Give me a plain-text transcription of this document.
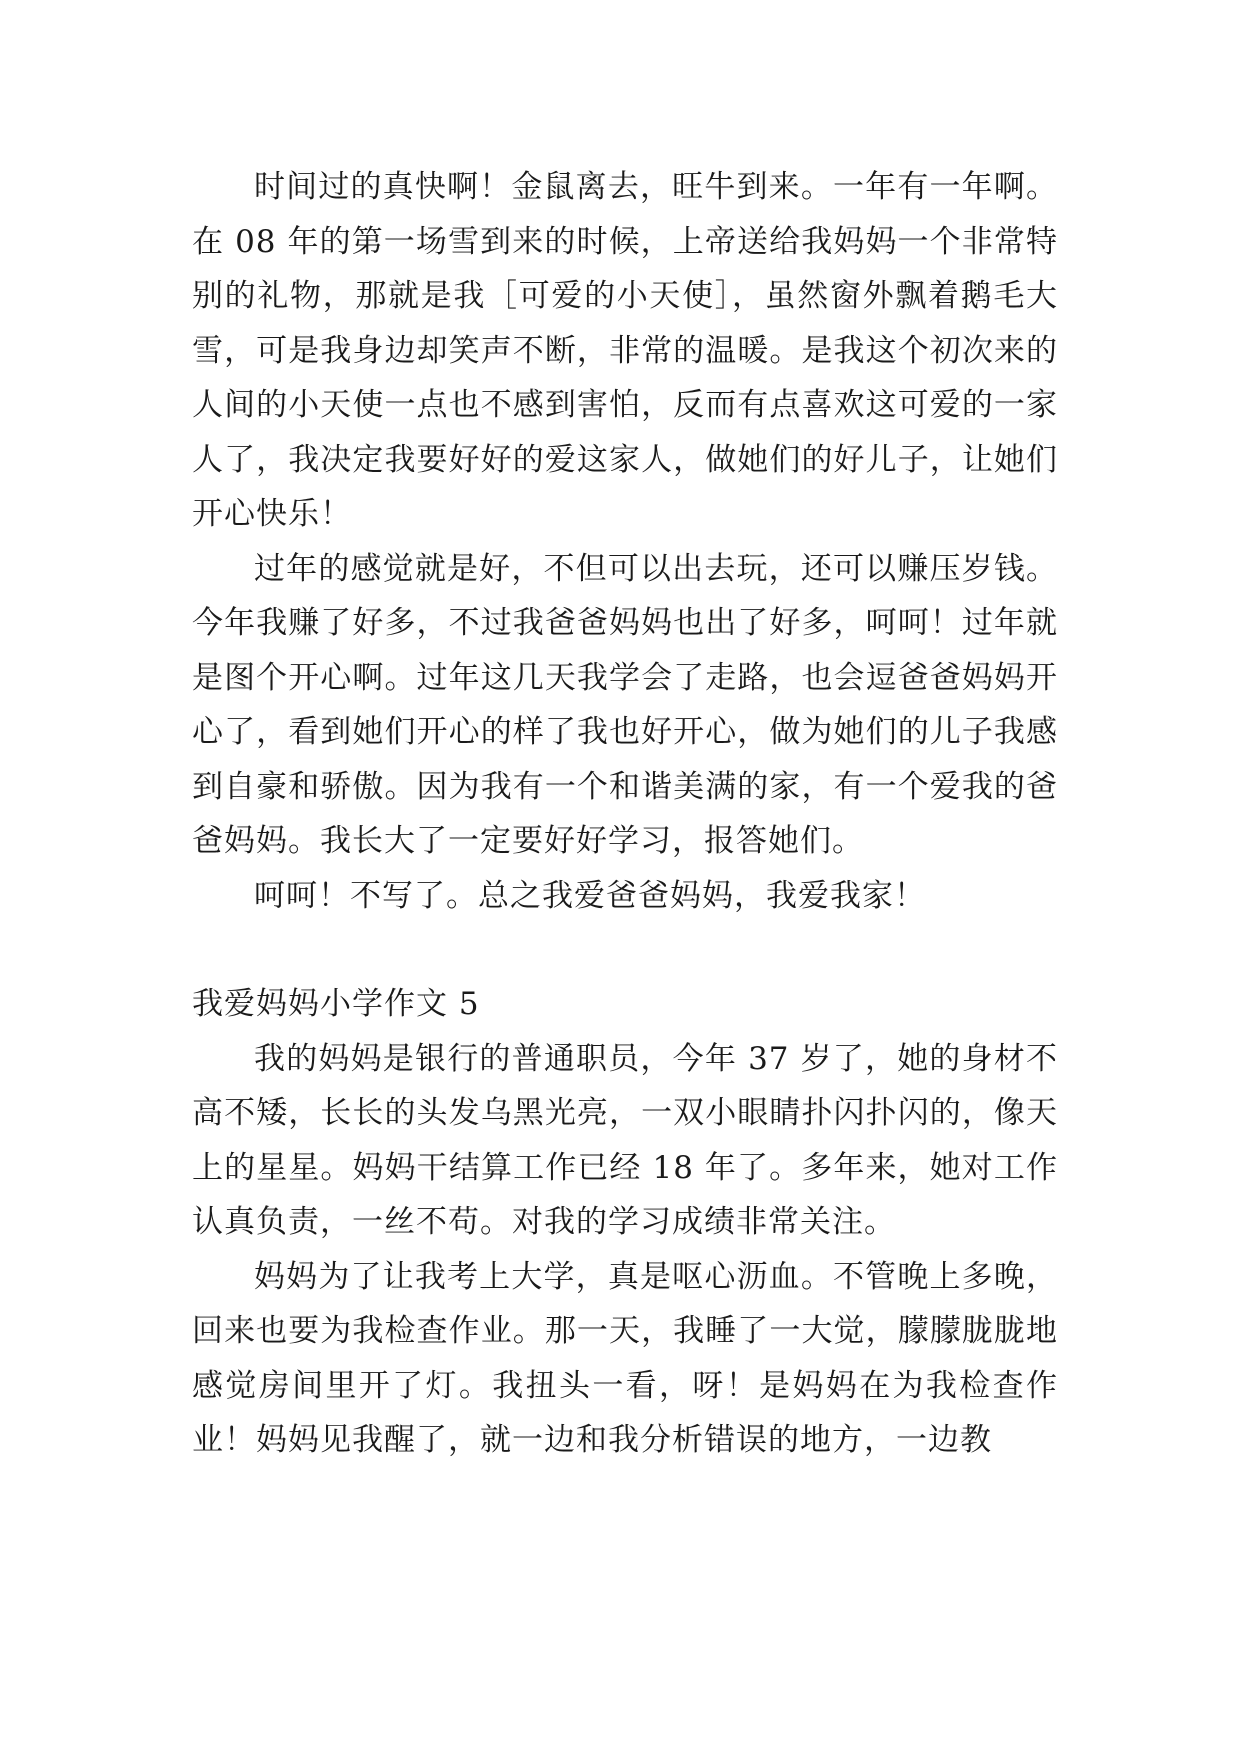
时间过的真快啊！金鼠离去，旺牛到来。一年有一年啊。在 08 年的第一场雪到来的时候，上帝送给我妈妈一个非常特别的礼物，那就是我［可爱的小天使］，虽然窗外飘着鹅毛大雪，可是我身边却笑声不断，非常的温暖。是我这个初次来的人间的小天使一点也不感到害怕，反而有点喜欢这可爱的一家人了，我决定我要好好的爱这家人，做她们的好儿子，让她们开心快乐！

过年的感觉就是好，不但可以出去玩，还可以赚压岁钱。今年我赚了好多，不过我爸爸妈妈也出了好多，呵呵！过年就是图个开心啊。过年这几天我学会了走路，也会逗爸爸妈妈开心了，看到她们开心的样了我也好开心，做为她们的儿子我感到自豪和骄傲。因为我有一个和谐美满的家，有一个爱我的爸爸妈妈。我长大了一定要好好学习，报答她们。

呵呵！不写了。总之我爱爸爸妈妈，我爱我家！

我爱妈妈小学作文 5

我的妈妈是银行的普通职员，今年 37 岁了，她的身材不高不矮，长长的头发乌黑光亮，一双小眼睛扑闪扑闪的，像天上的星星。妈妈干结算工作已经 18 年了。多年来，她对工作认真负责，一丝不苟。对我的学习成绩非常关注。

妈妈为了让我考上大学，真是呕心沥血。不管晚上多晚，回来也要为我检查作业。那一天，我睡了一大觉，朦朦胧胧地感觉房间里开了灯。我扭头一看，呀！是妈妈在为我检查作业！妈妈见我醒了，就一边和我分析错误的地方，一边教
